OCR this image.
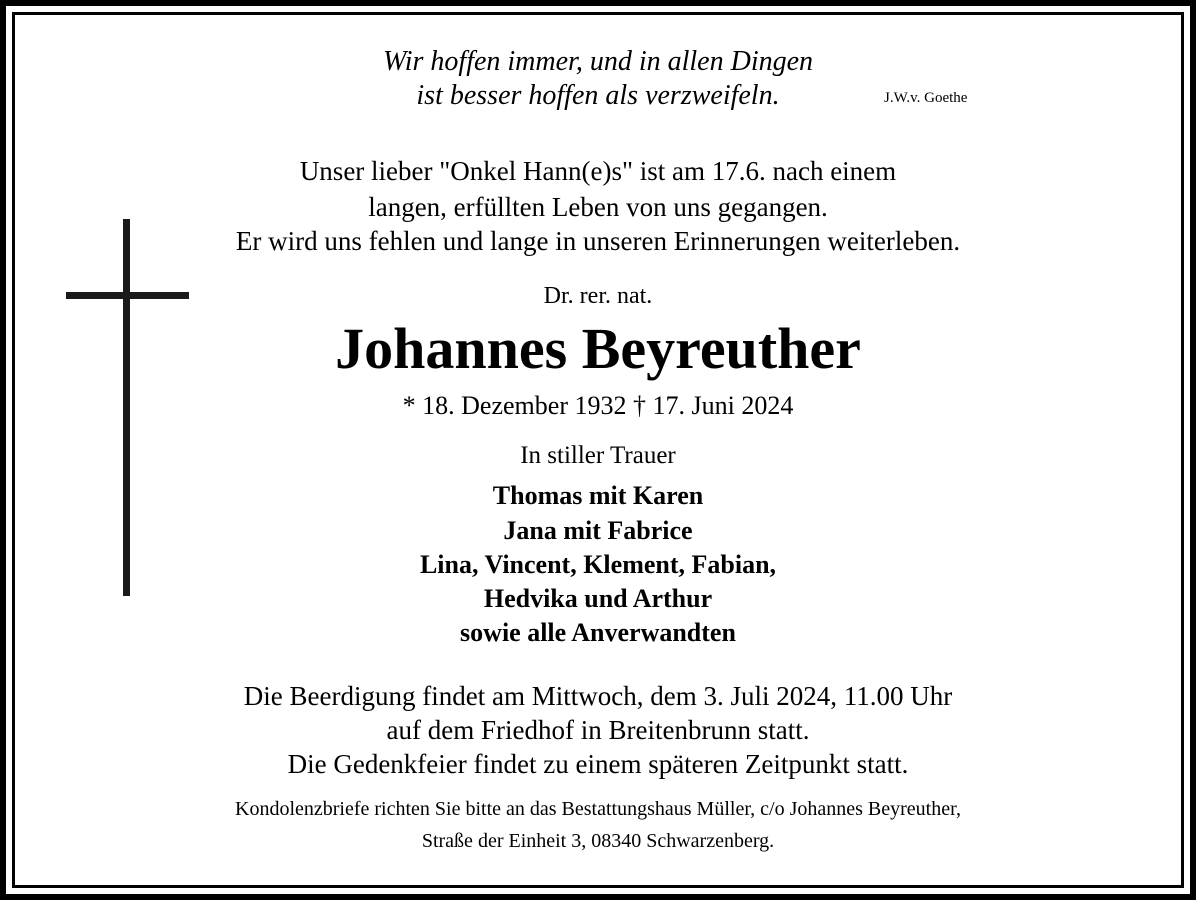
Wir hoffen immer, und in allen Dingen
ist besser hoffen als verzweifeln.	J.W.v. Goethe
Unser lieber "Onkel Hann(e)s" ist am 17.6. nach einem
langen, erfüllten Leben von uns gegangen.
Er wird uns fehlen und lange in unseren Erinnerungen weiterleben.
Dr. rer. nat.
Johannes Beyreuther
* 18. Dezember 1932 † 17. Juni 2024
In stiller Trauer
Thomas mit Karen
Jana mit Fabrice
Lina, Vincent, Klement, Fabian,
Hedvika und Arthur
sowie alle Anverwandten
Die Beerdigung findet am Mittwoch, dem 3. Juli 2024, 11.00 Uhr
auf dem Friedhof in Breitenbrunn statt.
Die Gedenkfeier findet zu einem späteren Zeitpunkt statt.
Kondolenzbriefe richten Sie bitte an das Bestattungshaus Müller, c/o Johannes Beyreuther,
Straße der Einheit 3, 08340 Schwarzenberg.
